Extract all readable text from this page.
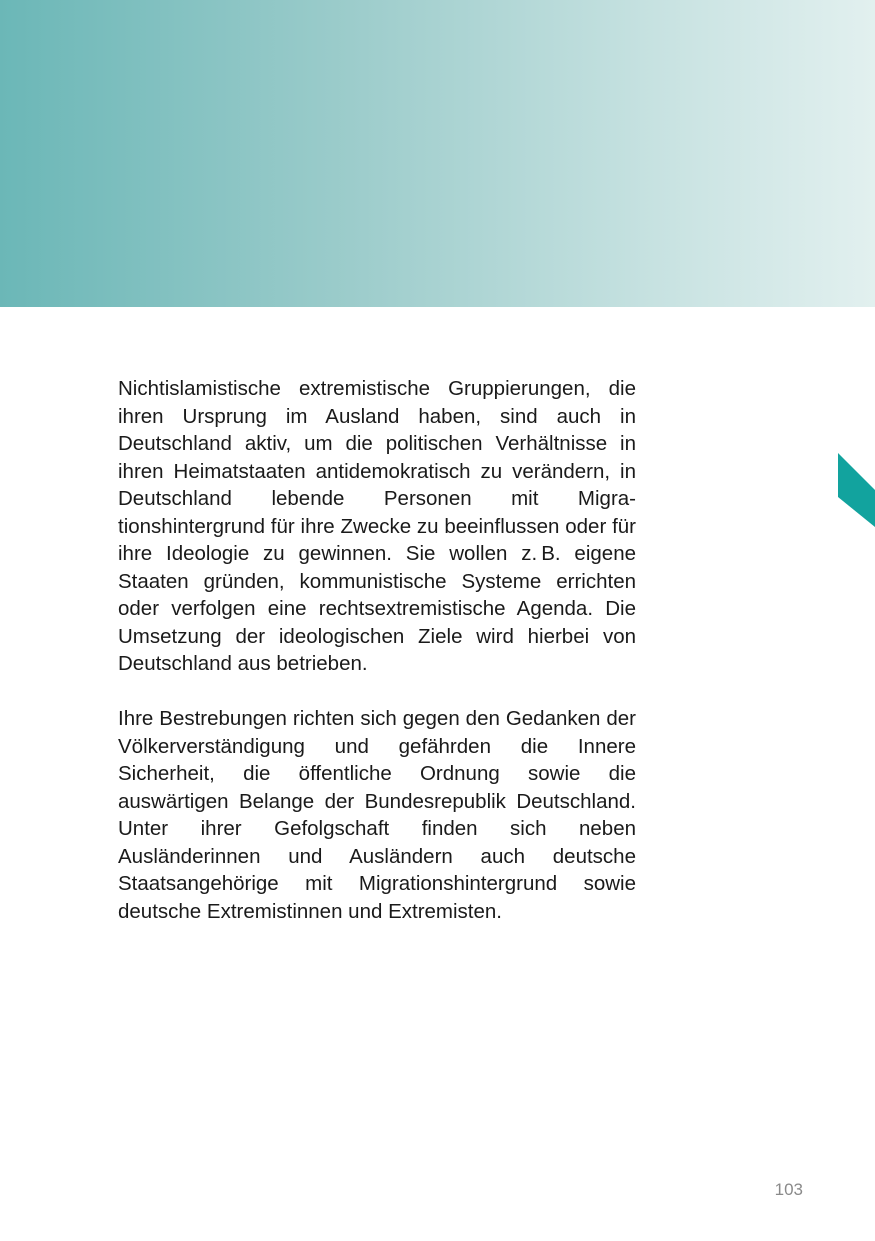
Nichtislamistische extremistische Gruppierungen, die ihren Ursprung im Ausland haben, sind auch in Deutschland aktiv, um die politischen Verhältnisse in ihren Heimatstaaten antidemokratisch zu verändern, in Deutschland lebende Personen mit Migrationshintergrund für ihre Zwecke zu beeinflussen oder für ihre Ideologie zu gewinnen. Sie wollen z. B. eigene Staaten gründen, kommunistische Systeme errichten oder verfolgen eine rechtsextremistische Agenda. Die Umsetzung der ideologischen Ziele wird hierbei von Deutschland aus betrieben.

Ihre Bestrebungen richten sich gegen den Gedanken der Völkerverständigung und gefährden die Innere Sicherheit, die öffentliche Ordnung sowie die auswärtigen Belange der Bundesrepublik Deutschland. Unter ihrer Gefolgschaft finden sich neben Ausländerinnen und Ausländern auch deutsche Staatsangehörige mit Migrationshintergrund sowie deutsche Extremistinnen und Extremisten.

103
